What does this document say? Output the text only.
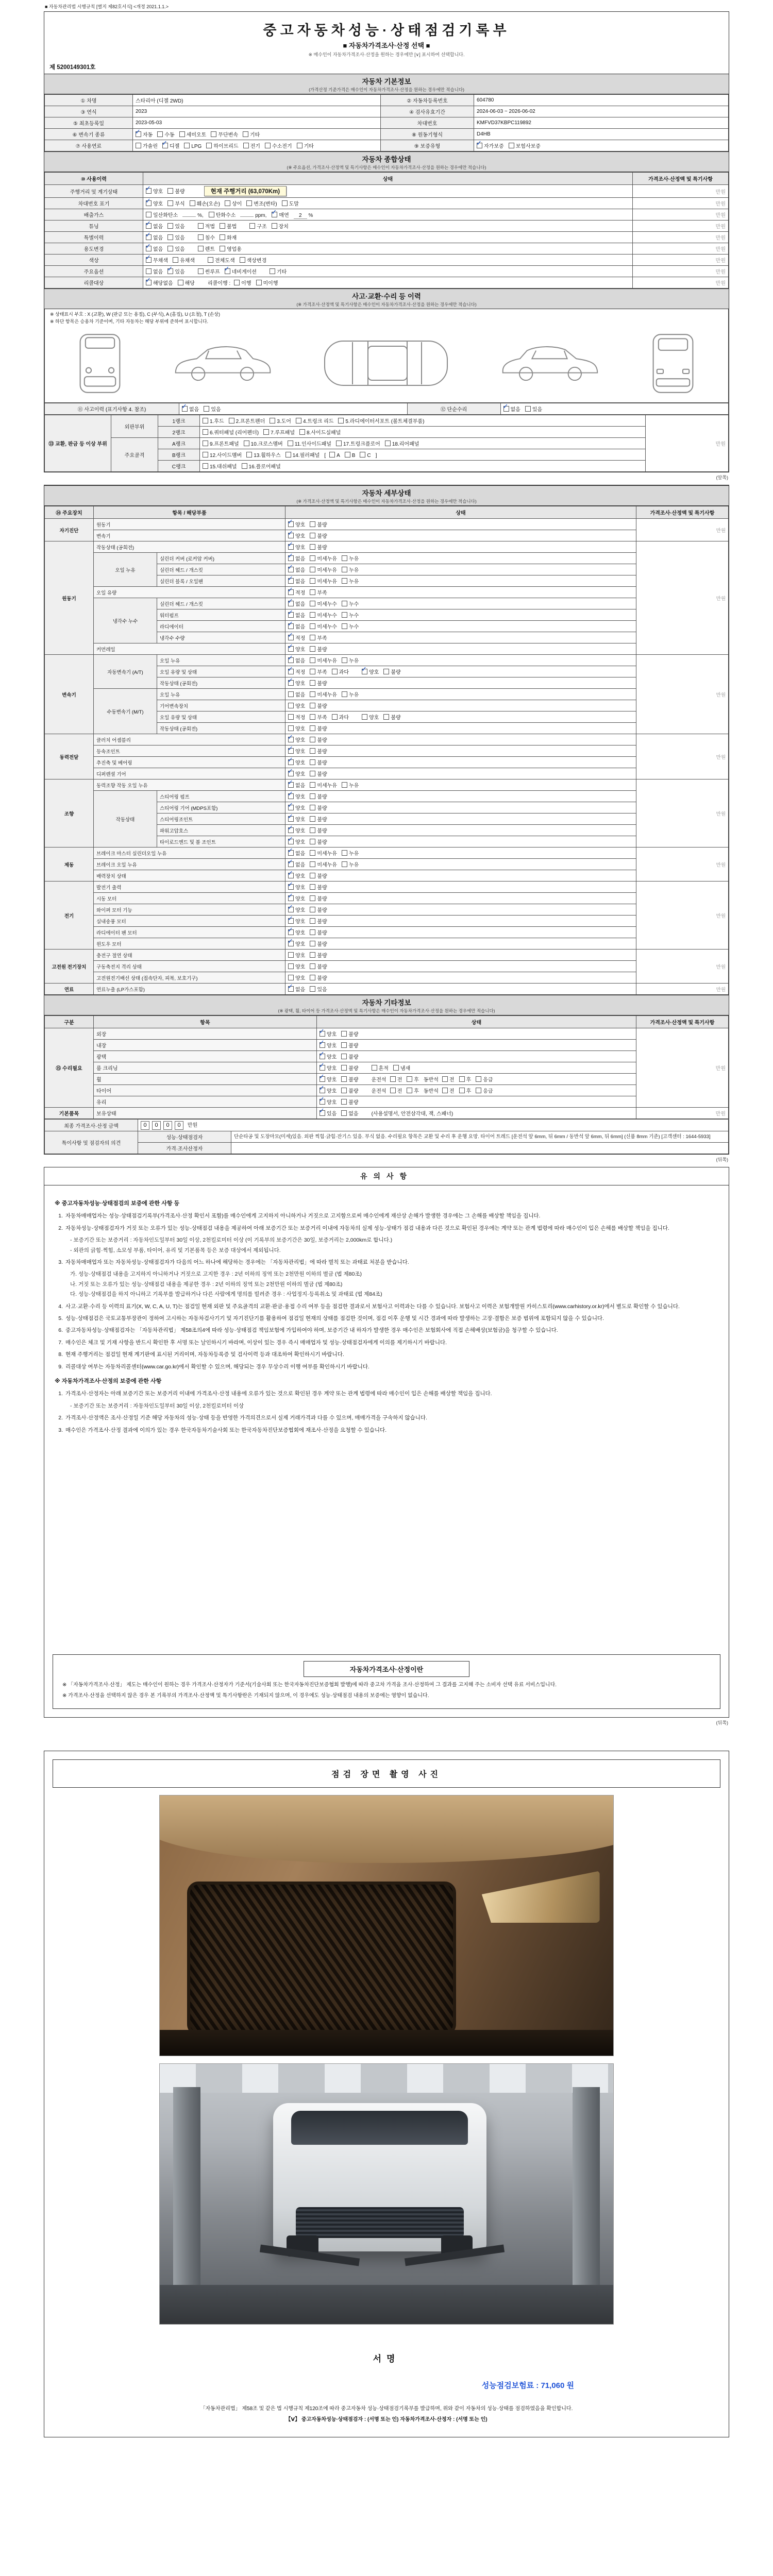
■ 자동차관리법 시행규칙 [별지 제82호서식] <개정 2021.1.1.>
중고자동차성능·상태점검기록부
■ 자동차가격조사·산정 선택 ■
※ 매수인이 자동차가격조사·산정을 원하는 경우에만 [∨] 표시하여 선택합니다.
제 5200149301호
자동차 기본정보
(가격산정 기준가격은 매수인이 자동차가격조사·산정을 원하는 경우에만 적습니다)
① 차명	스타리아 (디젤 2WD)	② 자동차등록번호	604780
③ 연식	2023	④ 검사유효기간	2024-06-03 ~ 2026-06-02
⑤ 최초등록일	2023-05-03	차대번호	KMFVD37KBPC119892
⑥ 변속기 종류	✓ 자동 수동 세미오토 무단변속 기타	⑧ 원동기형식	D4HB
⑦ 사용연료	가솔린 ✓ 디젤 LPG 하이브리드 전기 수소전기 기타	⑨ 보증유형	✓ 자가보증 보험사보증
자동차 종합상태
(※ 주요옵션, 가격조사·산정액 및 특기사항은 매수인이 자동차가격조사·산정을 원하는 경우에만 적습니다)
⑩ 사용이력	상태	가격조사·산정액 및 특기사항
주행거리 및 계기상태	✓ 양호 불량 현재 주행거리 (63,070Km)	만원
차대번호 표기	✓ 양호 부식 훼손(오손) 상이 변조(변타) 도말	만원
배출가스	일산화탄소 %, 탄화수소 ppm, ✓ 매연 2 %	만원
튜닝	✓ 없음 있음 적법 불법 구조 장치	만원
특별이력	✓ 없음 있음 침수 화재	만원
용도변경	✓ 없음 있음 렌트 영업용	만원
색상	✓ 무채색 유채색 전체도색 색상변경	만원
주요옵션	없음 ✓ 있음 썬루프 ✓ 네비게이션 기타	만원
리콜대상	✓ 해당없음 해당 리콜이행 : 이행 미이행	만원
사고·교환·수리 등 이력
(※ 가격조사·산정액 및 특기사항은 매수인이 자동차가격조사·산정을 원하는 경우에만 적습니다)
※ 상태표시 부호 : X (교환), W (판금 또는 용접), C (부식), A (흠집), U (요철), T (손상)
※ 하단 항목은 승용차 기준이며, 기타 자동차는 해당 부위에 준하여 표시합니다.
⑪ 사고이력 (표기사항 4. 참조)	✓ 없음 있음	⑫ 단순수리	✓ 없음 있음
⑬ 교환, 판금 등 이상 부위	외판부위	1랭크	1.후드 2.프론트펜더 3.도어 4.트렁크 리드 5.라디에이터서포트 (볼트체결부품)	만원
		2랭크	6.쿼터패널 (리어펜더) 7.루프패널 8.사이드실패널	
	주요골격	A랭크	9.프론트패널 10.크로스멤버 11.인사이드패널 17.트렁크플로어 18.리어패널	
		B랭크	12.사이드멤버 13.휠하우스 14.필러패널 [ A B C ]	
		C랭크	15.대쉬패널 16.플로어패널	
(앞쪽)
자동차 세부상태
(※ 가격조사·산정액 및 특기사항은 매수인이 자동차가격조사·산정을 원하는 경우에만 적습니다)
⑭ 주요장치	항목 / 해당부품		상태	가격조사·산정액 및 특기사항
자기진단	원동기		✓ 양호 불량	만원
	변속기		✓ 양호 불량	
원동기	작동상태 (공회전)		✓ 양호 불량	만원
	오일 누유	실린더 커버 (로커암 커버)	✓ 없음 미세누유 누유	
		실린더 헤드 / 개스킷	✓ 없음 미세누유 누유	
		실린더 블록 / 오일팬	✓ 없음 미세누유 누유	
	오일 유량		✓ 적정 부족	
	냉각수 누수	실린더 헤드 / 개스킷	✓ 없음 미세누수 누수	
		워터펌프	✓ 없음 미세누수 누수	
		라디에이터	✓ 없음 미세누수 누수	
		냉각수 수량	✓ 적정 부족	
	커먼레일		✓ 양호 불량	
변속기	자동변속기 (A/T)	오일 누유	✓ 없음 미세누유 누유	만원
		오일 유량 및 상태	✓ 적정 부족 과다 ✓ 양호 불량	
		작동상태 (공회전)	✓ 양호 불량	
	수동변속기 (M/T)	오일 누유	없음 미세누유 누유	
		기어변속장치	양호 불량	
		오일 유량 및 상태	적정 부족 과다 양호 불량	
		작동상태 (공회전)	양호 불량	
동력전달	클러치 어셈블리		✓ 양호 불량	만원
	등속조인트		✓ 양호 불량	
	추진축 및 베어링		✓ 양호 불량	
	디퍼렌셜 기어		✓ 양호 불량	
조향	동력조향 작동 오일 누유		✓ 없음 미세누유 누유	만원
	작동상태	스티어링 펌프	✓ 양호 불량	
		스티어링 기어 (MDPS포함)	✓ 양호 불량	
		스티어링조인트	✓ 양호 불량	
		파워고압호스	✓ 양호 불량	
		타이로드엔드 및 볼 조인트	✓ 양호 불량	
제동	브레이크 마스터 실린더오일 누유		✓ 없음 미세누유 누유	만원
	브레이크 오일 누유		✓ 없음 미세누유 누유	
	배력장치 상태		✓ 양호 불량	
전기	발전기 출력		✓ 양호 불량	만원
	시동 모터		✓ 양호 불량	
	와이퍼 모터 기능		✓ 양호 불량	
	실내송풍 모터		✓ 양호 불량	
	라디에이터 팬 모터		✓ 양호 불량	
	윈도우 모터		✓ 양호 불량	
고전원 전기장치	충전구 절연 상태		양호 불량	만원
	구동축전지 격리 상태		양호 불량	
	고전원전기배선 상태 (접속단자, 피복, 보호기구)		양호 불량	
연료	연료누출 (LP가스포함)		✓ 없음 있음	만원
자동차 기타정보
(※ 광택, 휠, 타이어 등 가격조사·산정액 및 특기사항은 매수인이 자동차가격조사·산정을 원하는 경우에만 적습니다)
구분	항목	상태	가격조사·산정액 및 특기사항
⑮ 수리필요	외장	✓ 양호 불량	만원
	내장	✓ 양호 불량	
	광택	✓ 양호 불량	
	룸 크리닝	✓ 양호 불량 흔적 냄새	
	휠	✓ 양호 불량 운전석 전 후 동반석 전 후 응급	
	타이어	✓ 양호 불량 운전석 전 후 동반석 전 후 응급	
	유리	✓ 양호 불량	
기본품목	보유상태	✓ 있음 없음 (사용설명서, 안전삼각대, 잭, 스패너)	만원
최종 가격조사·산정 금액	0 0 0 0 만원	
특이사항 및 점검자의 의견	성능·상태점검자	단순타공 및 도장마모(미세)있음. 외판 찍힘·긁힘·잔기스 있음. 부식 없음. 수리필요 항목은 교환 및 수리 후 운행 요망. 타이어 트레드 [운전석 앞 6mm, 뒤 6mm / 동반석 앞 6mm, 뒤 6mm] (신품 8mm 기준) [고객센터 : 1644-5933]
	가격·조사산정자	
(뒤쪽)
유의사항
※ 중고자동차성능·상태점검의 보증에 관한 사항 등
1. 자동차매매업자는 성능·상태점검기록부(가격조사·산정 확인서 포함)를 매수인에게 고지하지 아니하거나 거짓으로 고지함으로써 매수인에게 재산상 손해가 발생한 경우에는 그 손해를 배상할 책임을 집니다.
2. 자동차성능·상태점검자가 거짓 또는 오류가 있는 성능·상태점검 내용을 제공하여 아래 보증기간 또는 보증거리 이내에 자동차의 실제 성능·상태가 점검 내용과 다른 것으로 확인된 경우에는 계약 또는 관계 법령에 따라 매수인이 입은 손해를 배상할 책임을 집니다.
- 보증기간 또는 보증거리 : 자동차인도일부터 30일 이상, 2천킬로미터 이상 (이 기록부의 보증기간은 30일, 보증거리는 2,000km로 합니다.)
- 외관의 긁힘·찍힘, 소모성 부품, 타이어, 유리 및 기본품목 등은 보증 대상에서 제외됩니다.
3. 자동차매매업자 또는 자동차성능·상태점검자가 다음의 어느 하나에 해당하는 경우에는 「자동차관리법」에 따라 벌칙 또는 과태료 처분을 받습니다.
가. 성능·상태점검 내용을 고지하지 아니하거나 거짓으로 고지한 경우 : 2년 이하의 징역 또는 2천만원 이하의 벌금 (법 제80조)
나. 거짓 또는 오류가 있는 성능·상태점검 내용을 제공한 경우 : 2년 이하의 징역 또는 2천만원 이하의 벌금 (법 제80조)
다. 성능·상태점검을 하지 아니하고 기록부를 발급하거나 다른 사람에게 명의를 빌려준 경우 : 사업정지·등록취소 및 과태료 (법 제84조)
4. 사고·교환·수리 등 이력의 표기(X, W, C, A, U, T)는 점검일 현재 외판 및 주요골격의 교환·판금·용접 수리 여부 등을 점검한 결과로서 보험사고 이력과는 다를 수 있습니다. 보험사고 이력은 보험개발원 카히스토리(www.carhistory.or.kr)에서 별도로 확인할 수 있습니다.
5. 성능·상태점검은 국토교통부장관이 정하여 고시하는 자동차검사기기 및 자기진단기를 활용하여 점검일 현재의 상태를 점검한 것이며, 점검 이후 운행 및 시간 경과에 따라 발생하는 고장·결함은 보증 범위에 포함되지 않을 수 있습니다.
6. 중고자동차성능·상태점검자는 「자동차관리법」 제58조의4에 따라 성능·상태점검 책임보험에 가입하여야 하며, 보증기간 내 하자가 발생한 경우 매수인은 보험회사에 직접 손해배상(보험금)을 청구할 수 있습니다.
7. 매수인은 체크 및 기재 사항을 반드시 확인한 후 서명 또는 날인하시기 바라며, 이상이 있는 경우 즉시 매매업자 및 성능·상태점검자에게 이의를 제기하시기 바랍니다.
8. 현재 주행거리는 점검일 현재 계기판에 표시된 거리이며, 자동차등록증 및 검사이력 등과 대조하여 확인하시기 바랍니다.
9. 리콜대상 여부는 자동차리콜센터(www.car.go.kr)에서 확인할 수 있으며, 해당되는 경우 무상수리 이행 여부를 확인하시기 바랍니다.
※ 자동차가격조사·산정의 보증에 관한 사항
1. 가격조사·산정자는 아래 보증기간 또는 보증거리 이내에 가격조사·산정 내용에 오류가 있는 것으로 확인된 경우 계약 또는 관계 법령에 따라 매수인이 입은 손해를 배상할 책임을 집니다.
- 보증기간 또는 보증거리 : 자동차인도일부터 30일 이상, 2천킬로미터 이상
2. 가격조사·산정액은 조사·산정일 기준 해당 자동차의 성능·상태 등을 반영한 가격의견으로서 실제 거래가격과 다를 수 있으며, 매매가격을 구속하지 않습니다.
3. 매수인은 가격조사·산정 결과에 이의가 있는 경우 한국자동차기술사회 또는 한국자동차진단보증협회에 재조사·산정을 요청할 수 있습니다.
자동차가격조사·산정이란
※ 「자동차가격조사·산정」 제도는 매수인이 원하는 경우 가격조사·산정자가 기준서(기술사회 또는 한국자동차진단보증협회 발행)에 따라 중고차 가격을 조사·산정하여 그 결과를 고지해 주는 소비자 선택 유료 서비스입니다.
※ 가격조사·산정을 선택하지 않은 경우 본 기록부의 가격조사·산정액 및 특기사항란은 기재되지 않으며, 이 경우에도 성능·상태점검 내용의 보증에는 영향이 없습니다.
(뒤쪽)
점검 장면 촬영 사진
서명
성능점검보험료 : 71,060 원
「자동차관리법」 제58조 및 같은 법 시행규칙 제120조에 따라 중고자동차 성능·상태점검기록부를 발급하며, 위와 같이 자동차의 성능·상태를 점검하였음을 확인합니다.
【Ⅴ】 중고자동차성능·상태점검자 : (서명 또는 인) 자동차가격조사·산정자 : (서명 또는 인)
